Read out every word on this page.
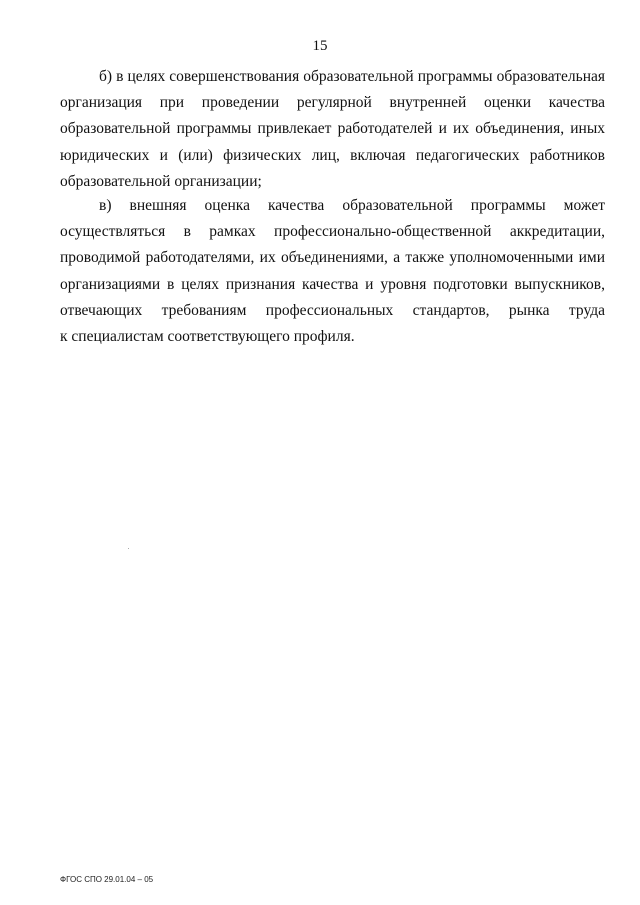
15
б) в целях совершенствования образовательной программы образовательная
организация при проведении регулярной внутренней оценки качества
образовательной программы привлекает работодателей и их объединения, иных
юридических и (или) физических лиц, включая педагогических работников
образовательной организации;
в) внешняя оценка качества образовательной программы может
осуществляться в рамках профессионально-общественной аккредитации,
проводимой работодателями, их объединениями, а также уполномоченными ими
организациями в целях признания качества и уровня подготовки выпускников,
отвечающих требованиям профессиональных стандартов, рынка труда
к специалистам соответствующего профиля.
ФГОС СПО 29.01.04 – 05
